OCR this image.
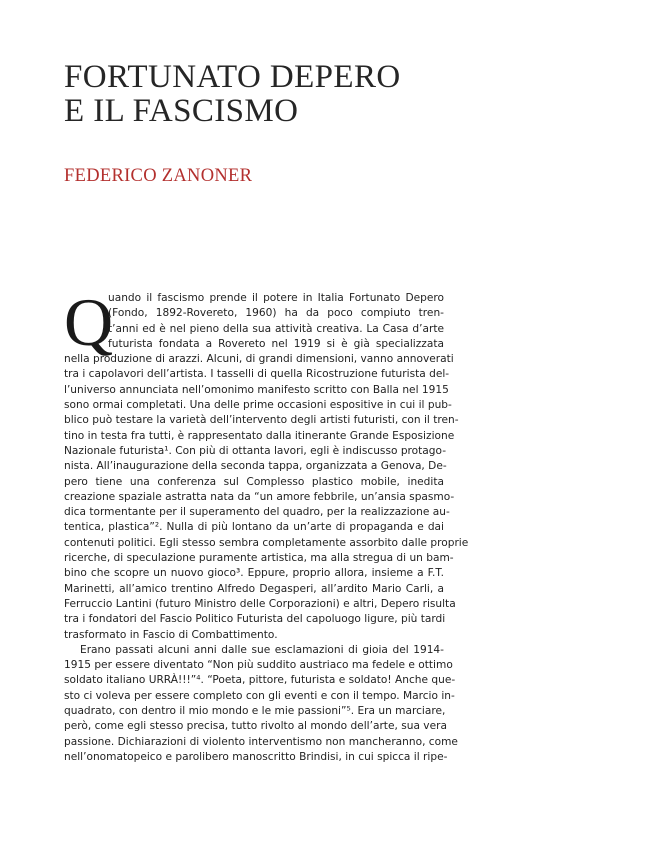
FORTUNATO DEPERO
E IL FASCISMO
FEDERICO ZANONER
Q
uando il fascismo prende il potere in Italia Fortunato Depero
(Fondo, 1892-Rovereto, 1960) ha da poco compiuto tren-
t’anni ed è nel pieno della sua attività creativa. La Casa d’arte
futurista fondata a Rovereto nel 1919 si è già specializzata
nella produzione di arazzi. Alcuni, di grandi dimensioni, vanno annoverati
tra i capolavori dell’artista. I tasselli di quella Ricostruzione futurista del-
l’universo annunciata nell’omonimo manifesto scritto con Balla nel 1915
sono ormai completati. Una delle prime occasioni espositive in cui il pub-
blico può testare la varietà dell’intervento degli artisti futuristi, con il tren-
tino in testa fra tutti, è rappresentato dalla itinerante Grande Esposizione
Nazionale futurista¹. Con più di ottanta lavori, egli è indiscusso protago-
nista. All’inaugurazione della seconda tappa, organizzata a Genova, De-
pero tiene una conferenza sul Complesso plastico mobile, inedita
creazione spaziale astratta nata da “un amore febbrile, un’ansia spasmo-
dica tormentante per il superamento del quadro, per la realizzazione au-
tentica, plastica”². Nulla di più lontano da un’arte di propaganda e dai
contenuti politici. Egli stesso sembra completamente assorbito dalle proprie
ricerche, di speculazione puramente artistica, ma alla stregua di un bam-
bino che scopre un nuovo gioco³. Eppure, proprio allora, insieme a F.T.
Marinetti, all’amico trentino Alfredo Degasperi, all’ardito Mario Carli, a
Ferruccio Lantini (futuro Ministro delle Corporazioni) e altri, Depero risulta
tra i fondatori del Fascio Politico Futurista del capoluogo ligure, più tardi
trasformato in Fascio di Combattimento.
Erano passati alcuni anni dalle sue esclamazioni di gioia del 1914-
1915 per essere diventato “Non più suddito austriaco ma fedele e ottimo
soldato italiano URRÀ!!!”⁴. “Poeta, pittore, futurista e soldato! Anche que-
sto ci voleva per essere completo con gli eventi e con il tempo. Marcio in-
quadrato, con dentro il mio mondo e le mie passioni”⁵. Era un marciare,
però, come egli stesso precisa, tutto rivolto al mondo dell’arte, sua vera
passione. Dichiarazioni di violento interventismo non mancheranno, come
nell’onomatopeico e parolibero manoscritto Brindisi, in cui spicca il ripe-
